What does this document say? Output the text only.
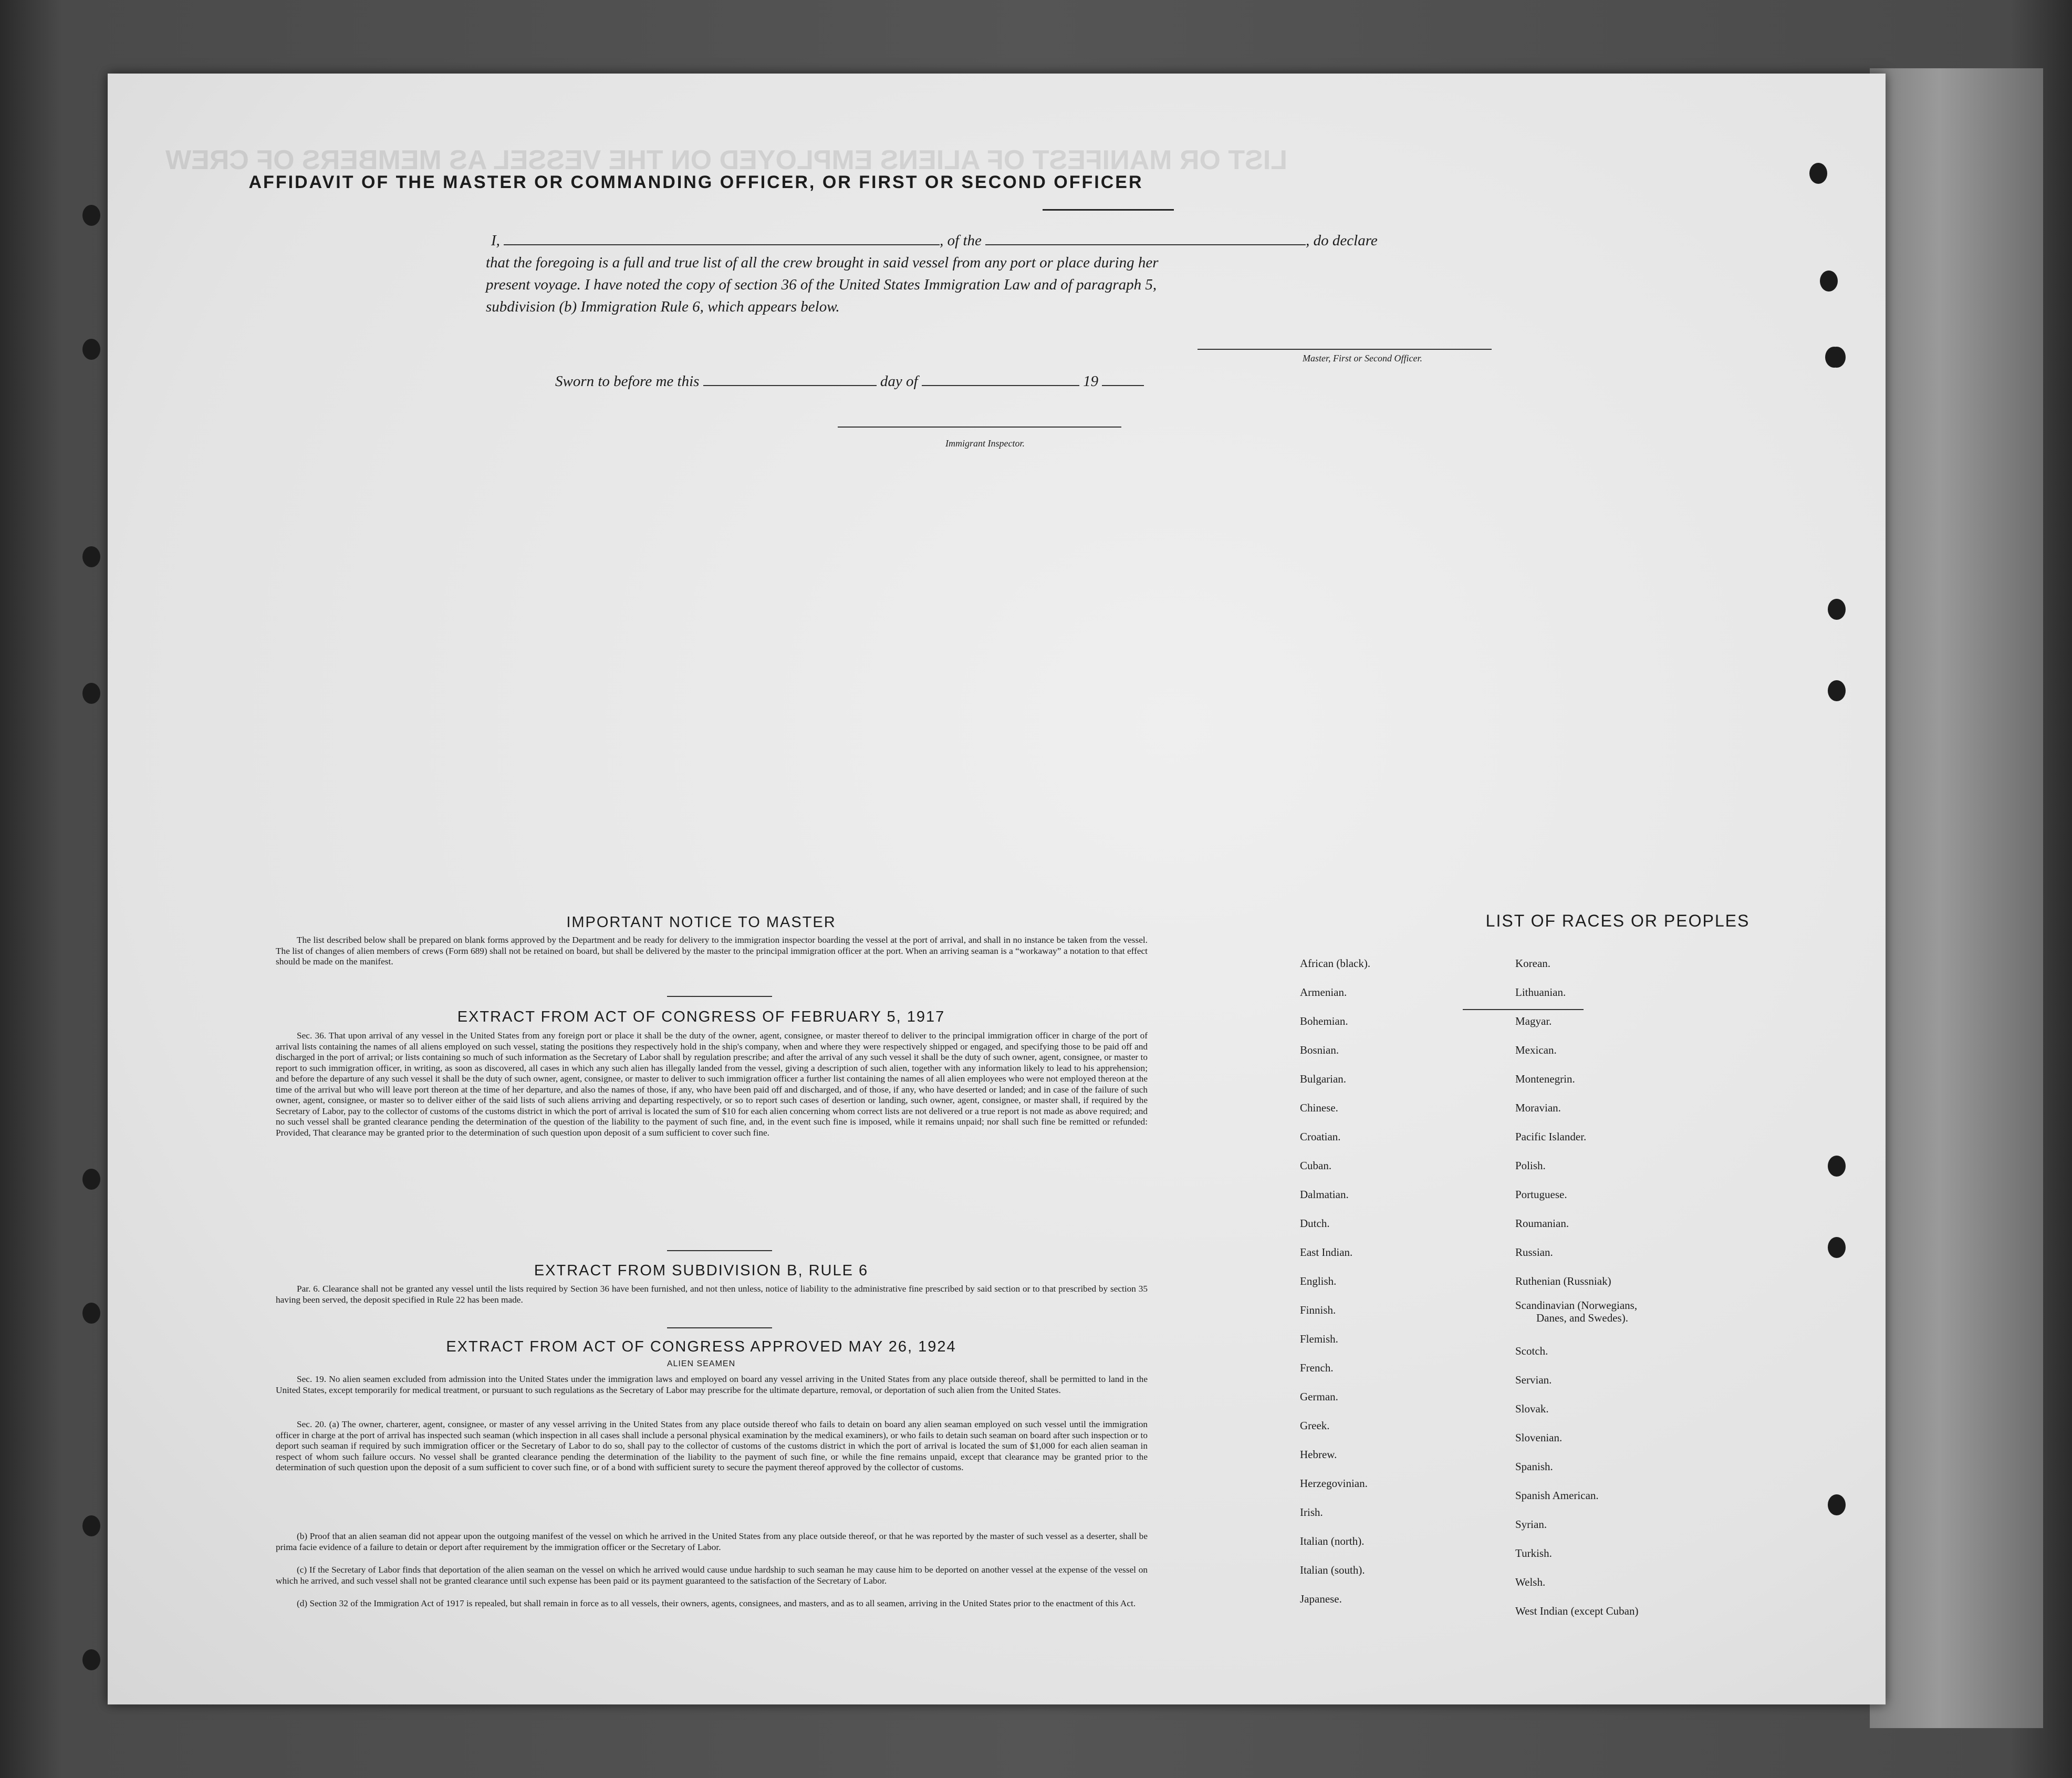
LIST OR MANIFEST OF ALIENS EMPLOYED ON THE VESSEL AS MEMBERS OF CREW
AFFIDAVIT OF THE MASTER OR COMMANDING OFFICER, OR FIRST OR SECOND OFFICER
I,	, of the	, do declare
that the foregoing is a full and true list of all the crew brought in said vessel from any port or place during her
present voyage. I have noted the copy of section 36 of the United States Immigration Law and of paragraph 5,
subdivision (b) Immigration Rule 6, which appears below.
Master, First or Second Officer.
Sworn to before me this	day of	19
Immigrant Inspector.
IMPORTANT NOTICE TO MASTER
The list described below shall be prepared on blank forms approved by the Department and be ready for delivery to the immigration inspector boarding the vessel at the port of arrival, and shall in no instance be taken from the vessel. The list of changes of alien members of crews (Form 689) shall not be retained on board, but shall be delivered by the master to the principal immigration officer at the port. When an arriving seaman is a “workaway” a notation to that effect should be made on the manifest.
EXTRACT FROM ACT OF CONGRESS OF FEBRUARY 5, 1917
Sec. 36. That upon arrival of any vessel in the United States from any foreign port or place it shall be the duty of the owner, agent, consignee, or master thereof to deliver to the principal immigration officer in charge of the port of arrival lists containing the names of all aliens employed on such vessel, stating the positions they respectively hold in the ship's company, when and where they were respectively shipped or engaged, and specifying those to be paid off and discharged in the port of arrival; or lists containing so much of such information as the Secretary of Labor shall by regulation prescribe; and after the arrival of any such vessel it shall be the duty of such owner, agent, consignee, or master to report to such immigration officer, in writing, as soon as discovered, all cases in which any such alien has illegally landed from the vessel, giving a description of such alien, together with any information likely to lead to his apprehension; and before the departure of any such vessel it shall be the duty of such owner, agent, consignee, or master to deliver to such immigration officer a further list containing the names of all alien employees who were not employed thereon at the time of the arrival but who will leave port thereon at the time of her departure, and also the names of those, if any, who have been paid off and discharged, and of those, if any, who have deserted or landed; and in case of the failure of such owner, agent, consignee, or master so to deliver either of the said lists of such aliens arriving and departing respectively, or so to report such cases of desertion or landing, such owner, agent, consignee, or master shall, if required by the Secretary of Labor, pay to the collector of customs of the customs district in which the port of arrival is located the sum of $10 for each alien concerning whom correct lists are not delivered or a true report is not made as above required; and no such vessel shall be granted clearance pending the determination of the question of the liability to the payment of such fine, and, in the event such fine is imposed, while it remains unpaid; nor shall such fine be remitted or refunded: Provided, That clearance may be granted prior to the determination of such question upon deposit of a sum sufficient to cover such fine.
EXTRACT FROM SUBDIVISION B, RULE 6
Par. 6. Clearance shall not be granted any vessel until the lists required by Section 36 have been furnished, and not then unless, notice of liability to the administrative fine prescribed by said section or to that prescribed by section 35 having been served, the deposit specified in Rule 22 has been made.
EXTRACT FROM ACT OF CONGRESS APPROVED MAY 26, 1924
ALIEN SEAMEN
Sec. 19. No alien seamen excluded from admission into the United States under the immigration laws and employed on board any vessel arriving in the United States from any place outside thereof, shall be permitted to land in the United States, except temporarily for medical treatment, or pursuant to such regulations as the Secretary of Labor may prescribe for the ultimate departure, removal, or deportation of such alien from the United States.
Sec. 20. (a) The owner, charterer, agent, consignee, or master of any vessel arriving in the United States from any place outside thereof who fails to detain on board any alien seaman employed on such vessel until the immigration officer in charge at the port of arrival has inspected such seaman (which inspection in all cases shall include a personal physical examination by the medical examiners), or who fails to detain such seaman on board after such inspection or to deport such seaman if required by such immigration officer or the Secretary of Labor to do so, shall pay to the collector of customs of the customs district in which the port of arrival is located the sum of $1,000 for each alien seaman in respect of whom such failure occurs. No vessel shall be granted clearance pending the determination of the liability to the payment of such fine, or while the fine remains unpaid, except that clearance may be granted prior to the determination of such question upon the deposit of a sum sufficient to cover such fine, or of a bond with sufficient surety to secure the payment thereof approved by the collector of customs.
(b) Proof that an alien seaman did not appear upon the outgoing manifest of the vessel on which he arrived in the United States from any place outside thereof, or that he was reported by the master of such vessel as a deserter, shall be prima facie evidence of a failure to detain or deport after requirement by the immigration officer or the Secretary of Labor.
(c) If the Secretary of Labor finds that deportation of the alien seaman on the vessel on which he arrived would cause undue hardship to such seaman he may cause him to be deported on another vessel at the expense of the vessel on which he arrived, and such vessel shall not be granted clearance until such expense has been paid or its payment guaranteed to the satisfaction of the Secretary of Labor.
(d) Section 32 of the Immigration Act of 1917 is repealed, but shall remain in force as to all vessels, their owners, agents, consignees, and masters, and as to all seamen, arriving in the United States prior to the enactment of this Act.
LIST OF RACES OR PEOPLES
African (black).
Armenian.
Bohemian.
Bosnian.
Bulgarian.
Chinese.
Croatian.
Cuban.
Dalmatian.
Dutch.
East Indian.
English.
Finnish.
Flemish.
French.
German.
Greek.
Hebrew.
Herzegovinian.
Irish.
Italian (north).
Italian (south).
Japanese.
Korean.
Lithuanian.
Magyar.
Mexican.
Montenegrin.
Moravian.
Pacific Islander.
Polish.
Portuguese.
Roumanian.
Russian.
Ruthenian (Russniak)
Scandinavian (Norwegians,
Danes, and Swedes).
Scotch.
Servian.
Slovak.
Slovenian.
Spanish.
Spanish American.
Syrian.
Turkish.
Welsh.
West Indian (except Cuban)
